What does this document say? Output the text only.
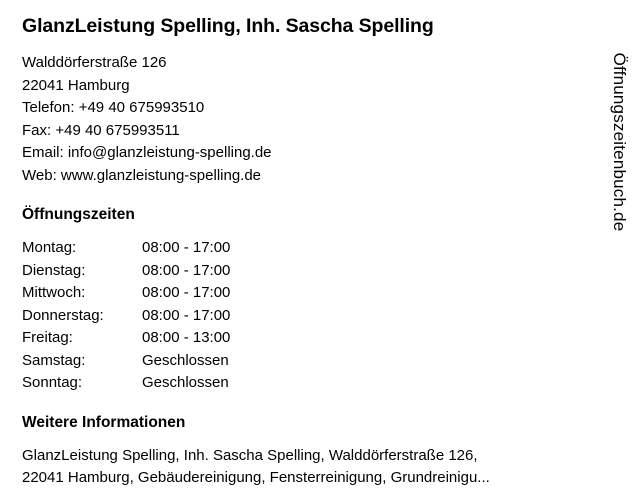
GlanzLeistung Spelling, Inh. Sascha Spelling
Walddörferstraße 126
22041 Hamburg
Telefon: +49 40 675993510
Fax: +49 40 675993511
Email: info@glanzleistung-spelling.de
Web: www.glanzleistung-spelling.de
Öffnungszeiten
Montag:	08:00 - 17:00
Dienstag:	08:00 - 17:00
Mittwoch:	08:00 - 17:00
Donnerstag:	08:00 - 17:00
Freitag:	08:00 - 13:00
Samstag:	Geschlossen
Sonntag:	Geschlossen
Weitere Informationen
GlanzLeistung Spelling, Inh. Sascha Spelling, Walddörferstraße 126,
22041 Hamburg, Gebäudereinigung, Fensterreinigung, Grundreinigu...
Öffnungszeitenbuch.de
